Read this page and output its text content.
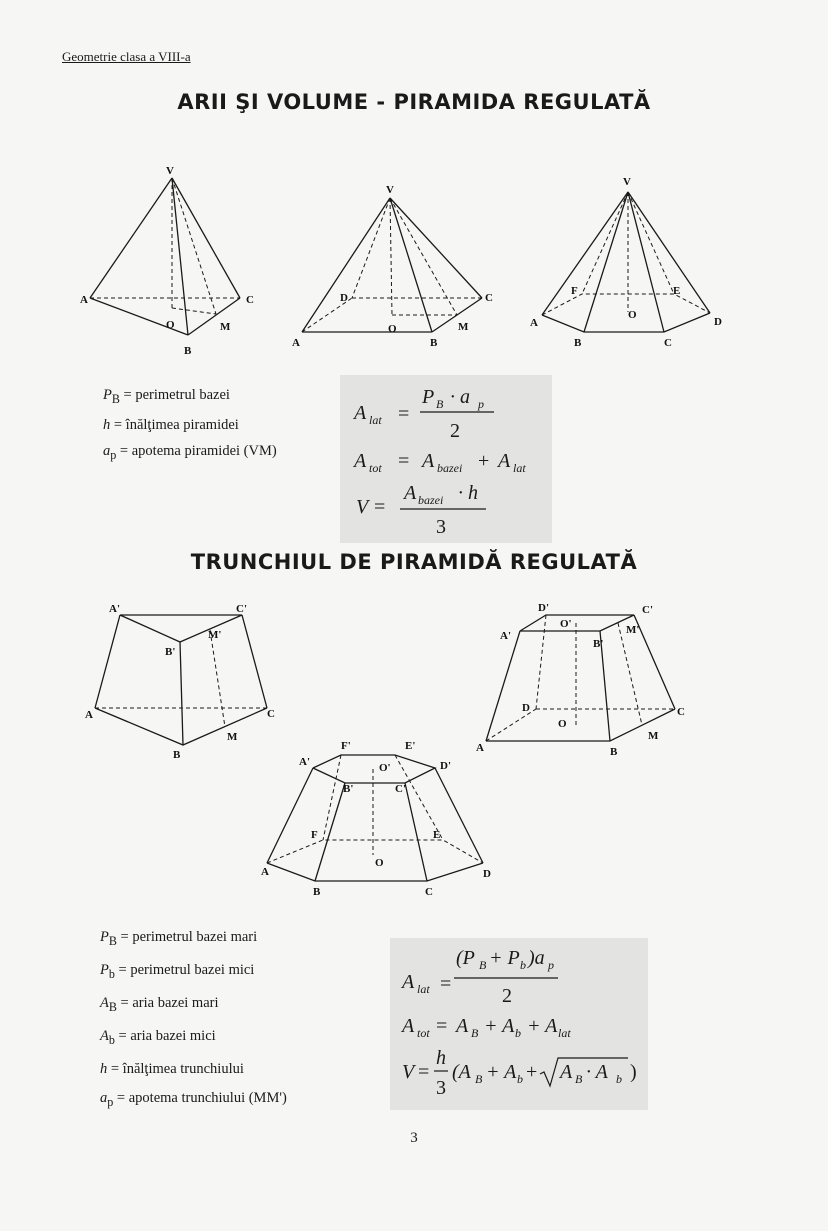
Geometrie clasa a VIII-a
ARII ŞI VOLUME - PIRAMIDA REGULATĂ
V
A
B
C
O	M
V
A	B
C
D
O	M
V
A
B	C
D
E
F
O
$P_B$ = perimetrul bazei
h = înălţimea piramidei
$a_p$ = apotema piramidei (VM)
A lat =
P B · a p
2
A tot = A bazei + A lat
V =
A bazei · h
3
TRUNCHIUL DE PIRAMIDĂ REGULATĂ
A'
B'
C'
M'
A
B
C
M
D'	C'
O'
A'
B'
M'
D
O
A	B
C
M
F'	E'
A'	O'	D'
B'	C'
F	E
A
O
D
B	C
$P_B$ = perimetrul bazei mari
$P_b$ = perimetrul bazei mici
$A_B$ = aria bazei mari
$A_b$ = aria bazei mici
h = înălţimea trunchiului
$a_p$ = apotema trunchiului (MM')
A lat =
(P B + P b )a p
2
A tot = A B + A b + A lat
V =
h
3
(A B + A b + A B · A b )
3
